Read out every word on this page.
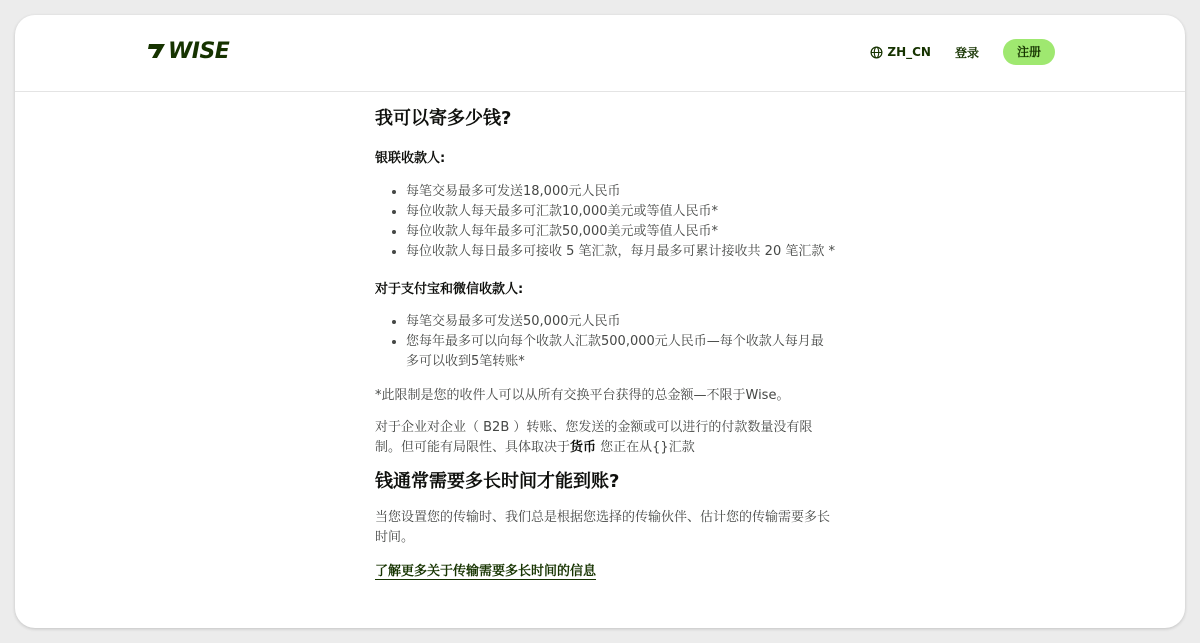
WISE	ZH_CN 登录	注册
我可以寄多少钱?
银联收款人:
• 每笔交易最多可发送18,000元人民币
• 每位收款人每天最多可汇款10,000美元或等值人民币*
• 每位收款人每年最多可汇款50,000美元或等值人民币*
• 每位收款人每日最多可接收 5 笔汇款，每月最多可累计接收共 20 笔汇款 *
对于支付宝和微信收款人:
• 每笔交易最多可发送50,000元人民币
• 您每年最多可以向每个收款人汇款500,000元人民币—每个收款人每月最多可以收到5笔转账*

*此限制是您的收件人可以从所有交换平台获得的总金额—不限于Wise。

对于企业对企业（ B2B ）转账、您发送的金额或可以进行的付款数量没有限制。但可能有局限性、具体取决于货币 您正在从{}汇款

钱通常需要多长时间才能到账?

当您设置您的传输时、我们总是根据您选择的传输伙伴、估计您的传输需要多长时间。

了解更多关于传输需要多长时间的信息
